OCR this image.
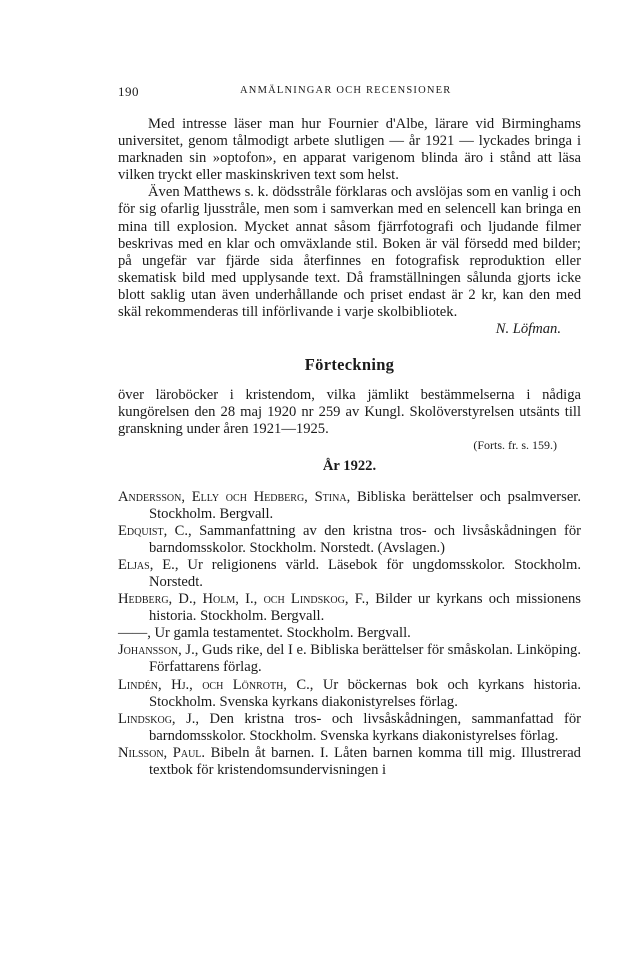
190	ANMÄLNINGAR OCH RECENSIONER

Med intresse läser man hur Fournier d'Albe, lärare vid Birminghams universitet, genom tålmodigt arbete slutligen — år 1921 — lyckades bringa i marknaden sin »optofon», en apparat varigenom blinda äro i stånd att läsa vilken tryckt eller maskinskriven text som helst.

Även Matthews s. k. dödsstråle förklaras och avslöjas som en vanlig i och för sig ofarlig ljusstråle, men som i samverkan med en selencell kan bringa en mina till explosion. Mycket annat såsom fjärrfotografi och ljudande filmer beskrivas med en klar och omväxlande stil. Boken är väl försedd med bilder; på ungefär var fjärde sida återfinnes en fotografisk reproduktion eller skematisk bild med upplysande text. Då framställningen sålunda gjorts icke blott saklig utan även underhållande och priset endast är 2 kr, kan den med skäl rekommenderas till införlivande i varje skolbibliotek.

N. Löfman.
Förteckning

över läroböcker i kristendom, vilka jämlikt bestämmelserna i nådiga kungörelsen den 28 maj 1920 nr 259 av Kungl. Skolöverstyrelsen utsänts till granskning under åren 1921—1925.

(Forts. fr. s. 159.)
År 1922.
Andersson, Elly och Hedberg, Stina, Bibliska berättelser och psalmverser. Stockholm. Bergvall.
Edquist, C., Sammanfattning av den kristna tros- och livsåskådningen för barndomsskolor. Stockholm. Norstedt. (Avslagen.)
Eljas, E., Ur religionens värld. Läsebok för ungdomsskolor. Stockholm. Norstedt.
Hedberg, D., Holm, I., och Lindskog, F., Bilder ur kyrkans och missionens historia. Stockholm. Bergvall.
——, Ur gamla testamentet. Stockholm. Bergvall.
Johansson, J., Guds rike, del I e. Bibliska berättelser för småskolan. Linköping. Författarens förlag.
Lindén, Hj., och Lönroth, C., Ur böckernas bok och kyrkans historia. Stockholm. Svenska kyrkans diakonistyrelses förlag.
Lindskog, J., Den kristna tros- och livsåskådningen, sammanfattad för barndomsskolor. Stockholm. Svenska kyrkans diakonistyrelses förlag.
Nilsson, Paul. Bibeln åt barnen. I. Låten barnen komma till mig. Illustrerad textbok för kristendomsundervisningen i
